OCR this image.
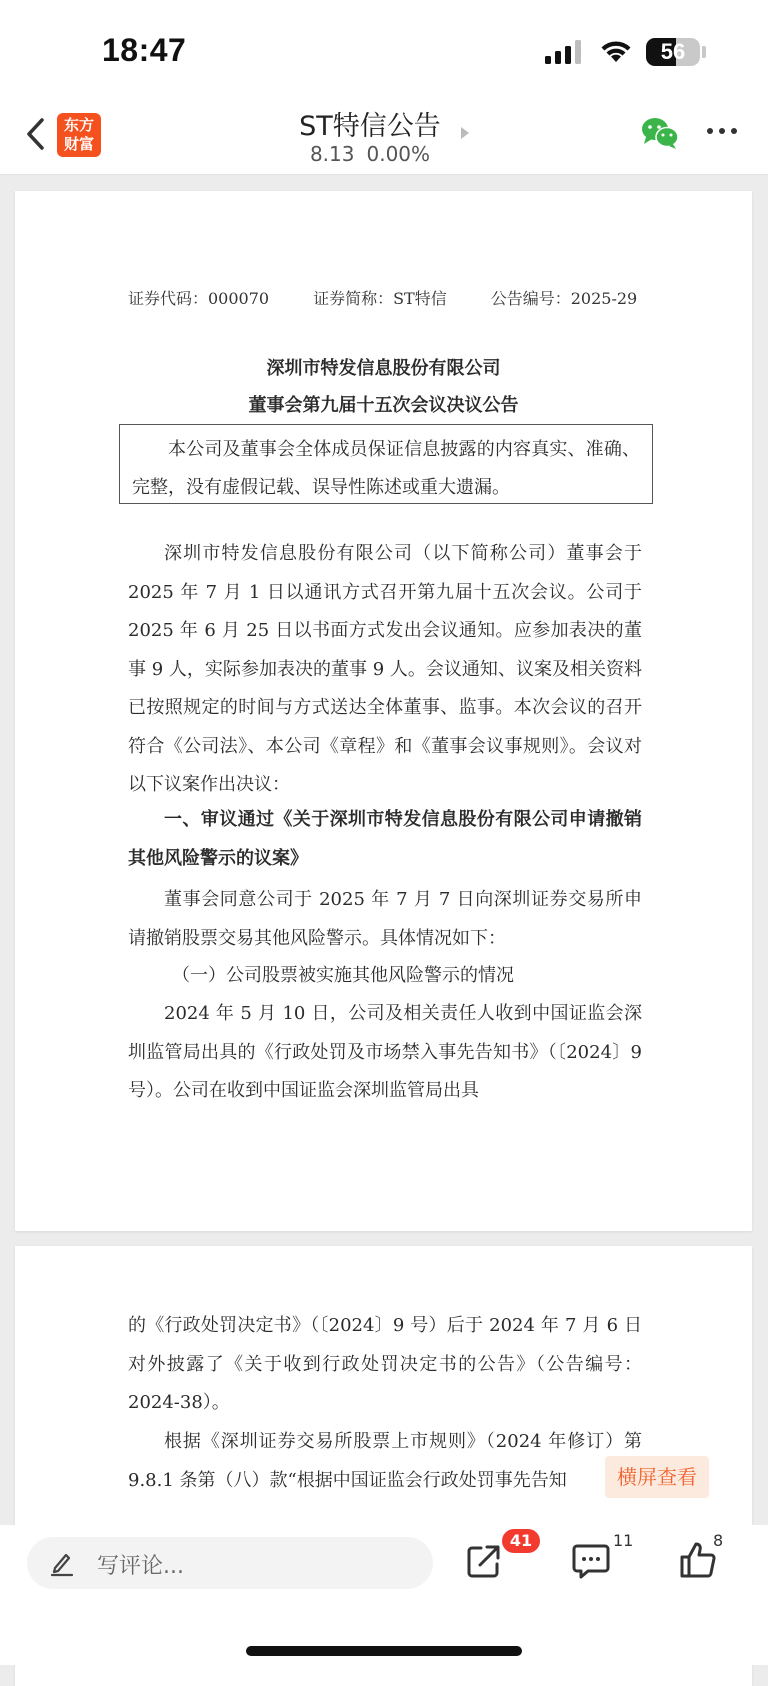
18:47	56
东方
财富
ST特信公告
8.13 0.00%
证券代码：000070	证券简称：ST特信	公告编号：2025-29
深圳市特发信息股份有限公司
董事会第九届十五次会议决议公告
本公司及董事会全体成员保证信息披露的内容真实、准确、完整，没有虚假记载、误导性陈述或重大遗漏。
深圳市特发信息股份有限公司（以下简称公司）董事会于 2025 年 7 月 1 日以通讯方式召开第九届十五次会议。公司于 2025 年 6 月 25 日以书面方式发出会议通知。应参加表决的董事 9 人，实际参加表决的董事 9 人。会议通知、议案及相关资料已按照规定的时间与方式送达全体董事、监事。本次会议的召开符合《公司法》、本公司《章程》和《董事会议事规则》。会议对以下议案作出决议：
一、审议通过《关于深圳市特发信息股份有限公司申请撤销其他风险警示的议案》
董事会同意公司于 2025 年 7 月 7 日向深圳证券交易所申请撤销股票交易其他风险警示。具体情况如下：
（一）公司股票被实施其他风险警示的情况
2024 年 5 月 10 日，公司及相关责任人收到中国证监会深圳监管局出具的《行政处罚及市场禁入事先告知书》（〔2024〕9 号）。公司在收到中国证监会深圳监管局出具
的《行政处罚决定书》（〔2024〕9 号）后于 2024 年 7 月 6 日对外披露了《关于收到行政处罚决定书的公告》（公告编号：2024-38）。
根据《深圳证券交易所股票上市规则》（2024 年修订）第 9.8.1 条第（八）款“根据中国证监会行政处罚事先告知	横屏查看
写评论...
41	11	8
